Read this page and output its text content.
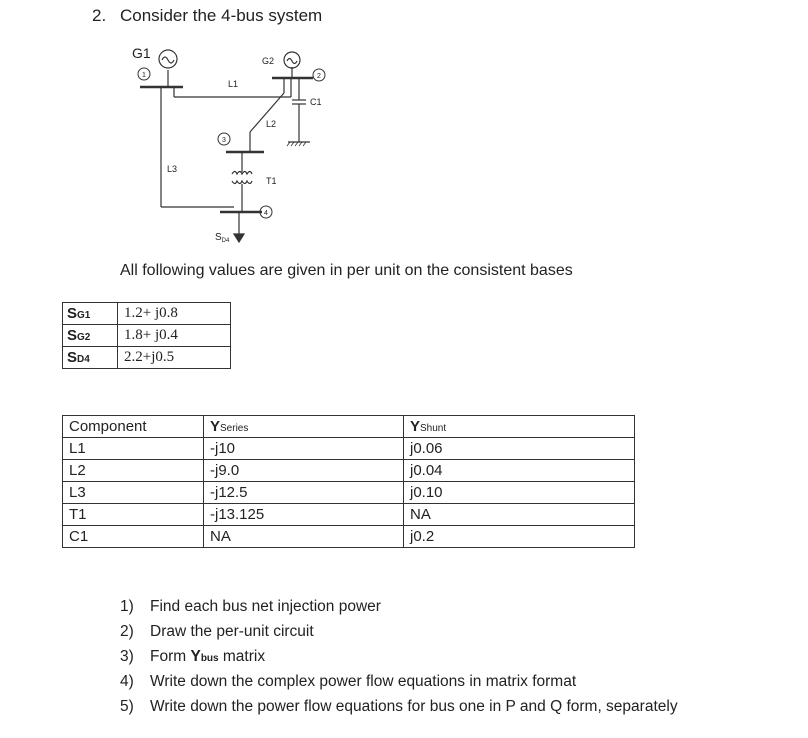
2. Consider the 4-bus system
G1	G2
1	2
3
4
L1
L2
L3
T1
C1
$S_{D4}$
All following values are given in per unit on the consistent bases
SG1	1.2+ j0.8
SG2	1.8+ j0.4
SD4	2.2+j0.5
Component	YSeries	YShunt
L1	-j10	j0.06
L2	-j9.0	j0.04
L3	-j12.5	j0.10
T1	-j13.125	NA
C1	NA	j0.2
1) Find each bus net injection power
2) Draw the per-unit circuit
3) Form Ybus matrix
4) Write down the complex power flow equations in matrix format
5) Write down the power flow equations for bus one in P and Q form, separately
